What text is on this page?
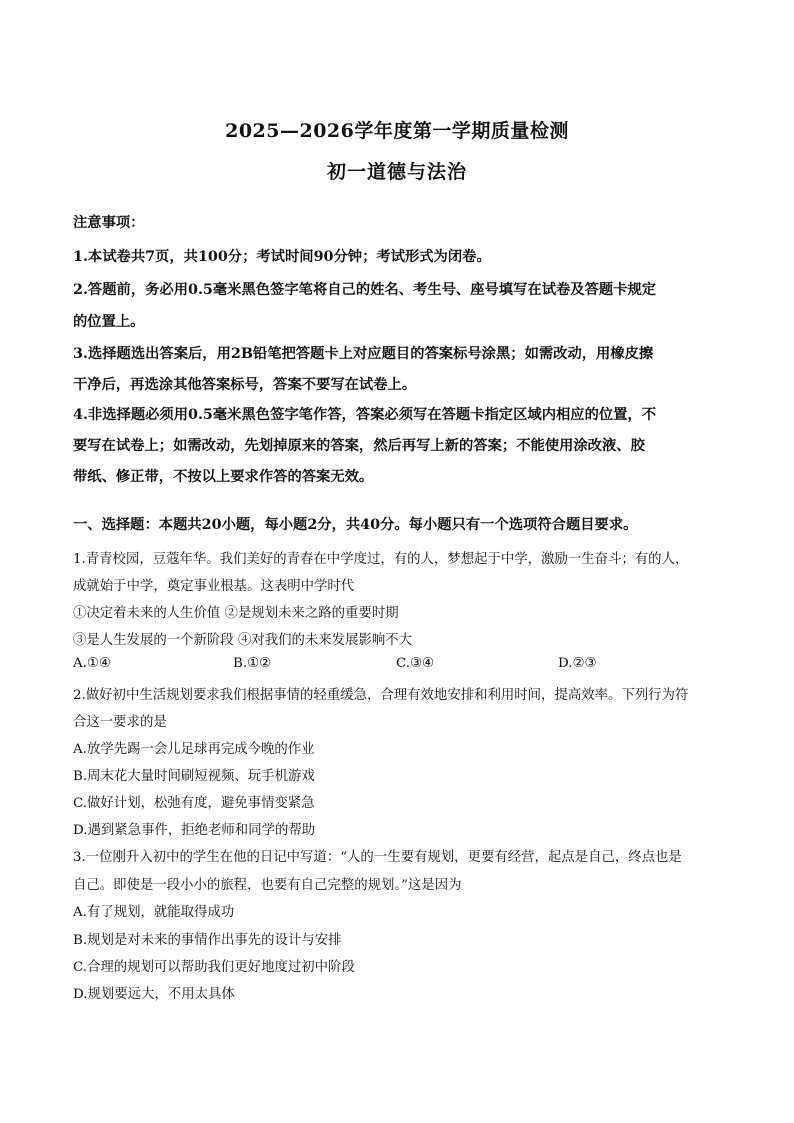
2025—2026学年度第一学期质量检测
初一道德与法治
注意事项：
1.本试卷共7页，共100分；考试时间90分钟；考试形式为闭卷。
2.答题前，务必用0.5毫米黑色签字笔将自己的姓名、考生号、座号填写在试卷及答题卡规定
的位置上。
3.选择题选出答案后，用2B铅笔把答题卡上对应题目的答案标号涂黑；如需改动，用橡皮擦
干净后，再选涂其他答案标号，答案不要写在试卷上。
4.非选择题必须用0.5毫米黑色签字笔作答，答案必须写在答题卡指定区域内相应的位置，不
要写在试卷上；如需改动，先划掉原来的答案，然后再写上新的答案；不能使用涂改液、胶
带纸、修正带，不按以上要求作答的答案无效。
一、选择题：本题共20小题，每小题2分，共40分。每小题只有一个选项符合题目要求。
1.青青校园，豆蔻年华。我们美好的青春在中学度过，有的人，梦想起于中学，激励一生奋斗；有的人，
成就始于中学，奠定事业根基。这表明中学时代
①决定着未来的人生价值 ②是规划未来之路的重要时期
③是人生发展的一个新阶段 ④对我们的未来发展影响不大
A.①④	B.①②	C.③④	D.②③
2.做好初中生活规划要求我们根据事情的轻重缓急，合理有效地安排和利用时间，提高效率。下列行为符
合这一要求的是
A.放学先踢一会儿足球再完成今晚的作业
B.周末花大量时间刷短视频、玩手机游戏
C.做好计划，松弛有度，避免事情变紧急
D.遇到紧急事件，拒绝老师和同学的帮助
3.一位刚升入初中的学生在他的日记中写道：“人的一生要有规划，更要有经营，起点是自己，终点也是
自己。即使是一段小小的旅程，也要有自己完整的规划。”这是因为
A.有了规划，就能取得成功
B.规划是对未来的事情作出事先的设计与安排
C.合理的规划可以帮助我们更好地度过初中阶段
D.规划要远大，不用太具体
